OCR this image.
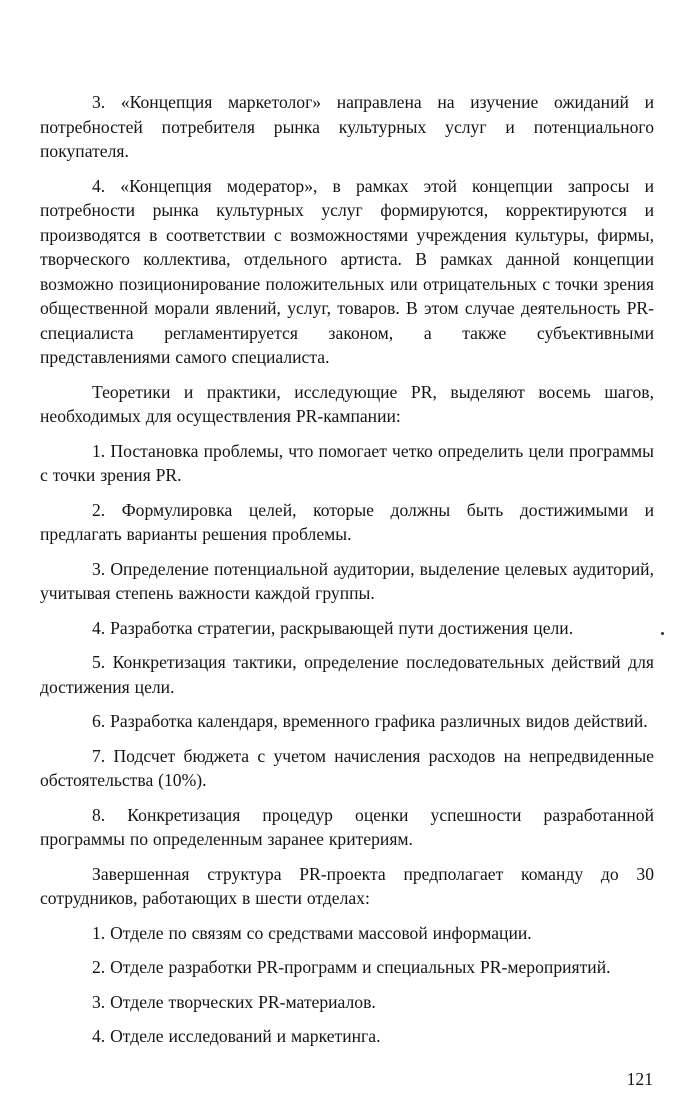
3. «Концепция маркетолог» направлена на изучение ожиданий и потребностей потребителя рынка культурных услуг и потенциального покупателя.

4. «Концепция модератор», в рамках этой концепции запросы и потребности рынка культурных услуг формируются, корректируются и производятся в соответствии с возможностями учреждения культуры, фирмы, творческого коллектива, отдельного артиста. В рамках данной концепции возможно позиционирование положительных или отрицательных с точки зрения общественной морали явлений, услуг, товаров. В этом случае деятельность PR-специалиста регламентируется законом, а также субъективными представлениями самого специалиста.

Теоретики и практики, исследующие PR, выделяют восемь шагов, необходимых для осуществления PR-кампании:

1. Постановка проблемы, что помогает четко определить цели программы с точки зрения PR.

2. Формулировка целей, которые должны быть достижимыми и предлагать варианты решения проблемы.

3. Определение потенциальной аудитории, выделение целевых аудиторий, учитывая степень важности каждой группы.

4. Разработка стратегии, раскрывающей пути достижения цели.

5. Конкретизация тактики, определение последовательных действий для достижения цели.

6. Разработка календаря, временного графика различных видов действий.

7. Подсчет бюджета с учетом начисления расходов на непредвиденные обстоятельства (10%).

8. Конкретизация процедур оценки успешности разработанной программы по определенным заранее критериям.

Завершенная структура PR-проекта предполагает команду до 30 сотрудников, работающих в шести отделах:

1. Отделе по связям со средствами массовой информации.

2. Отделе разработки PR-программ и специальных PR-мероприятий.

3. Отделе творческих PR-материалов.

4. Отделе исследований и маркетинга.

121
